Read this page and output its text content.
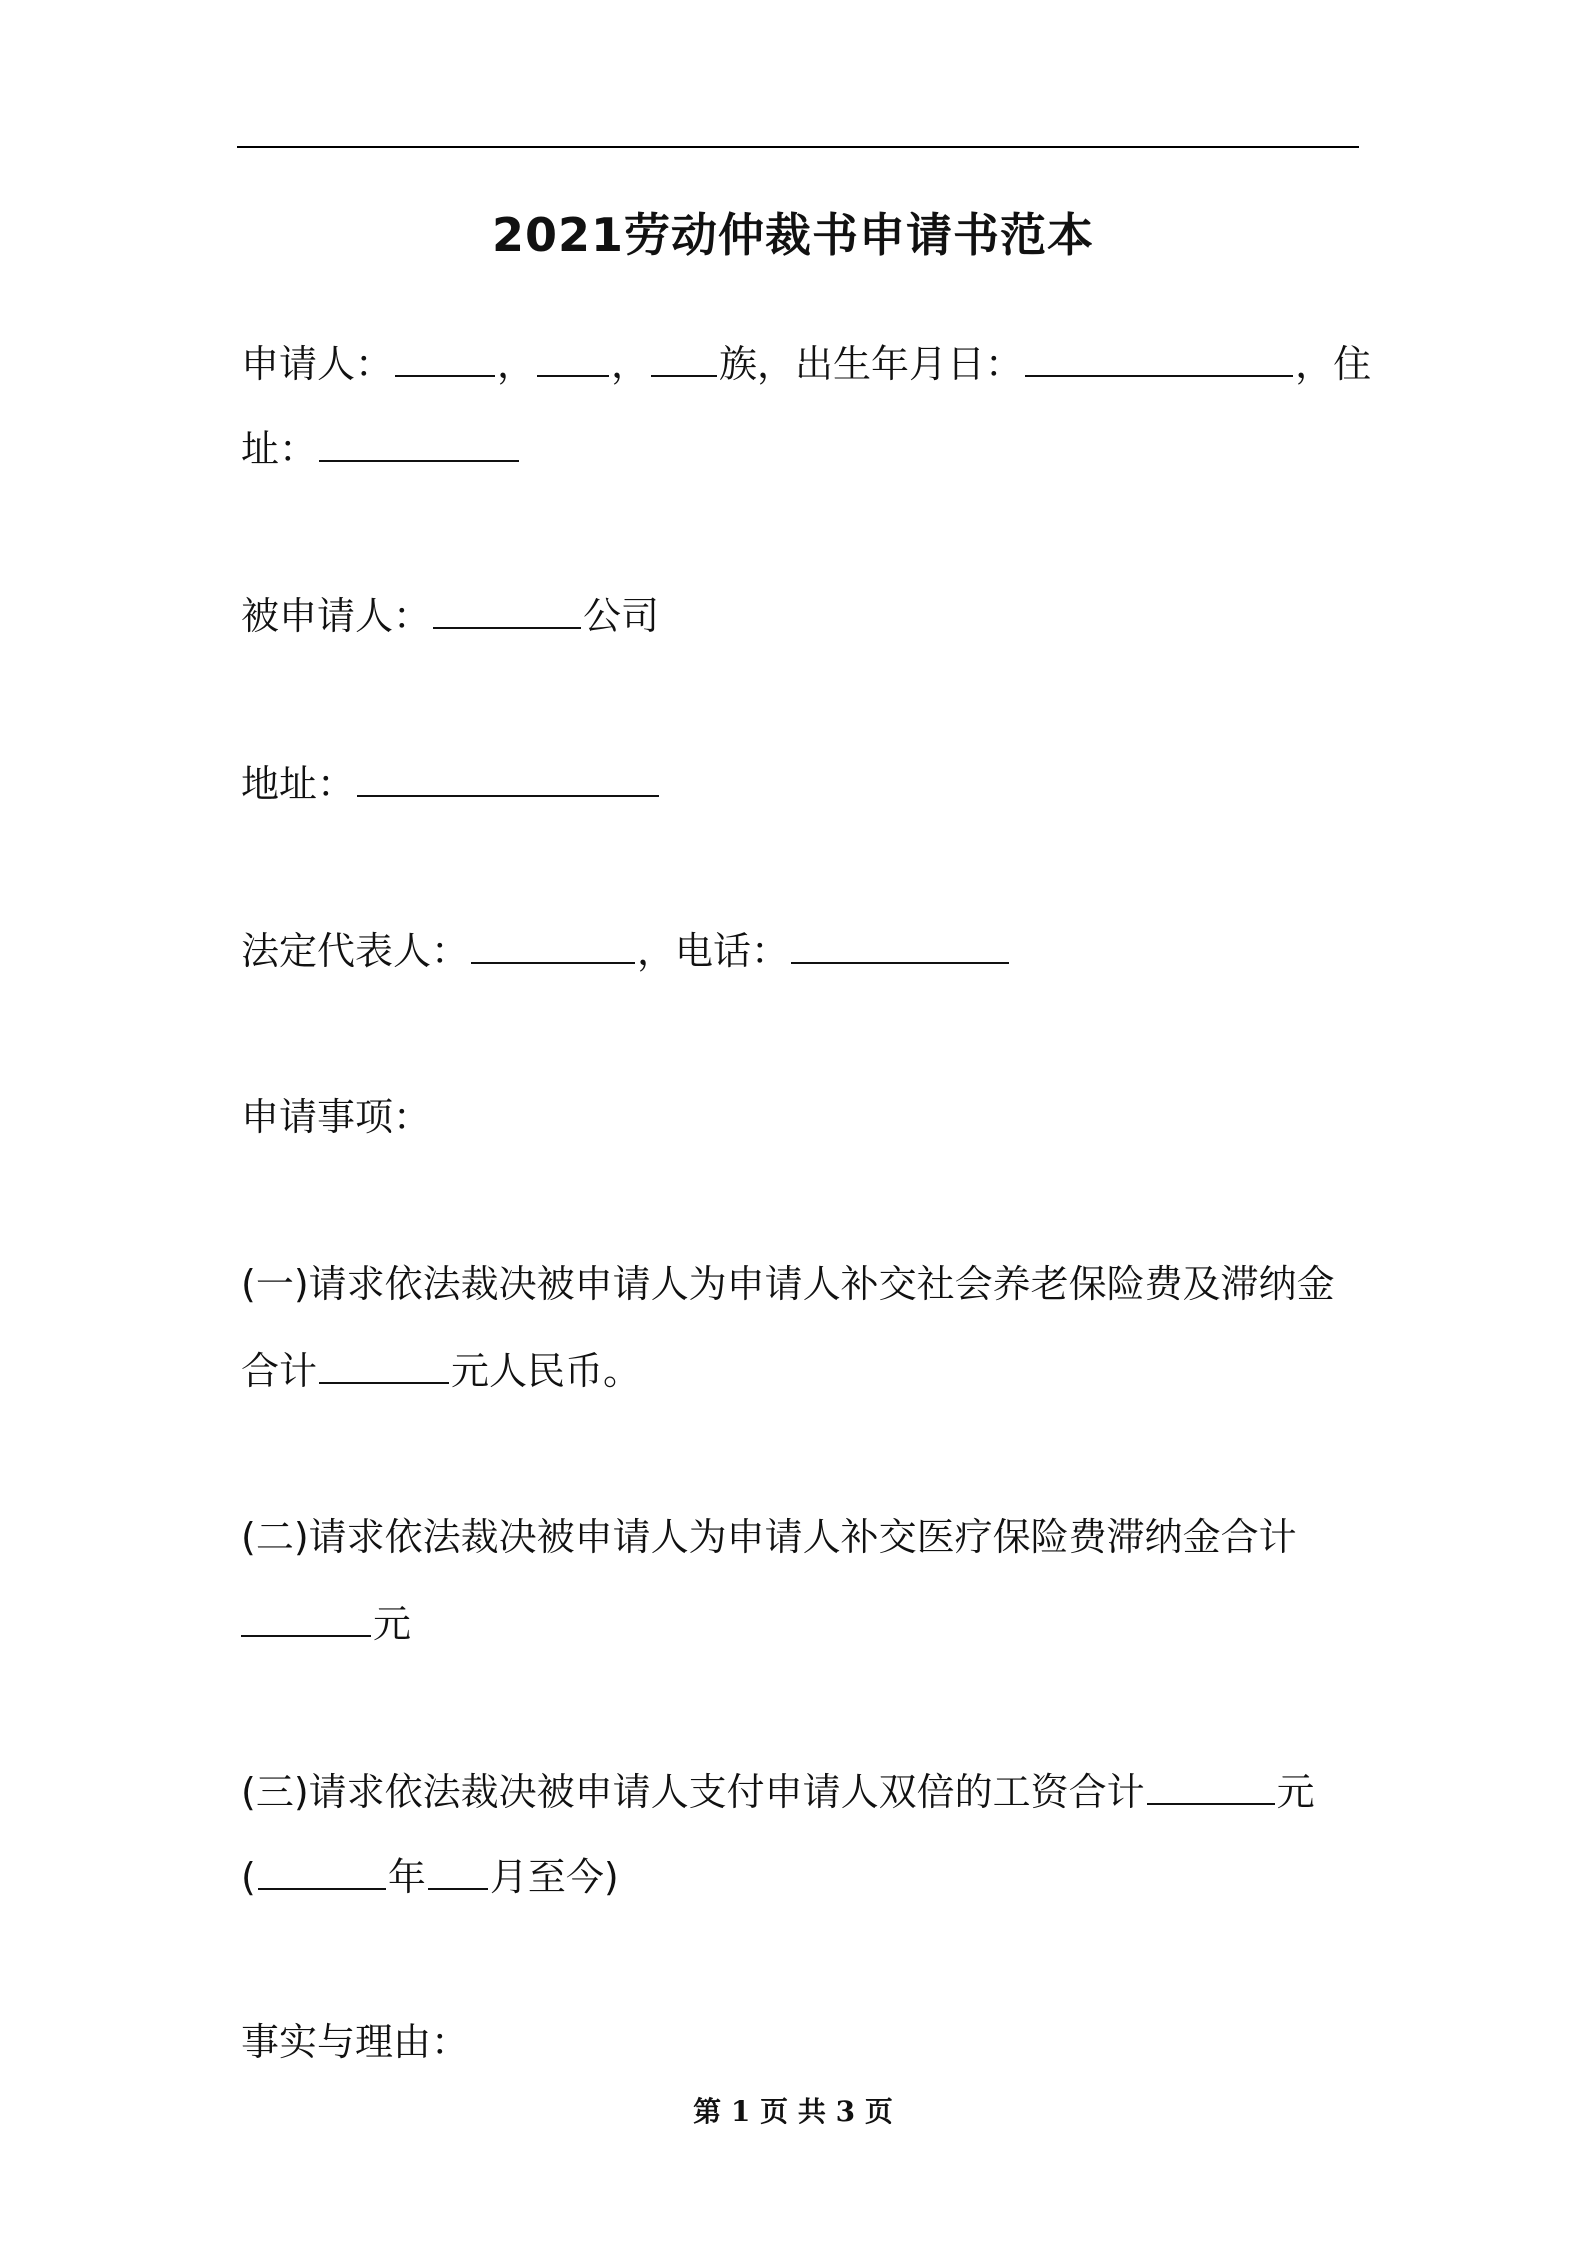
2021劳动仲裁书申请书范本
申请人：	， ， 族，出生年月日：	，住
址：
被申请人：	公司
地址：
法定代表人：	，电话：
申请事项：
(一)请求依法裁决被申请人为申请人补交社会养老保险费及滞纳金
合计	元人民币。
(二)请求依法裁决被申请人为申请人补交医疗保险费滞纳金合计
元
(三)请求依法裁决被申请人支付申请人双倍的工资合计	元
(	年 月至今)
事实与理由：
第 1 页 共 3 页
